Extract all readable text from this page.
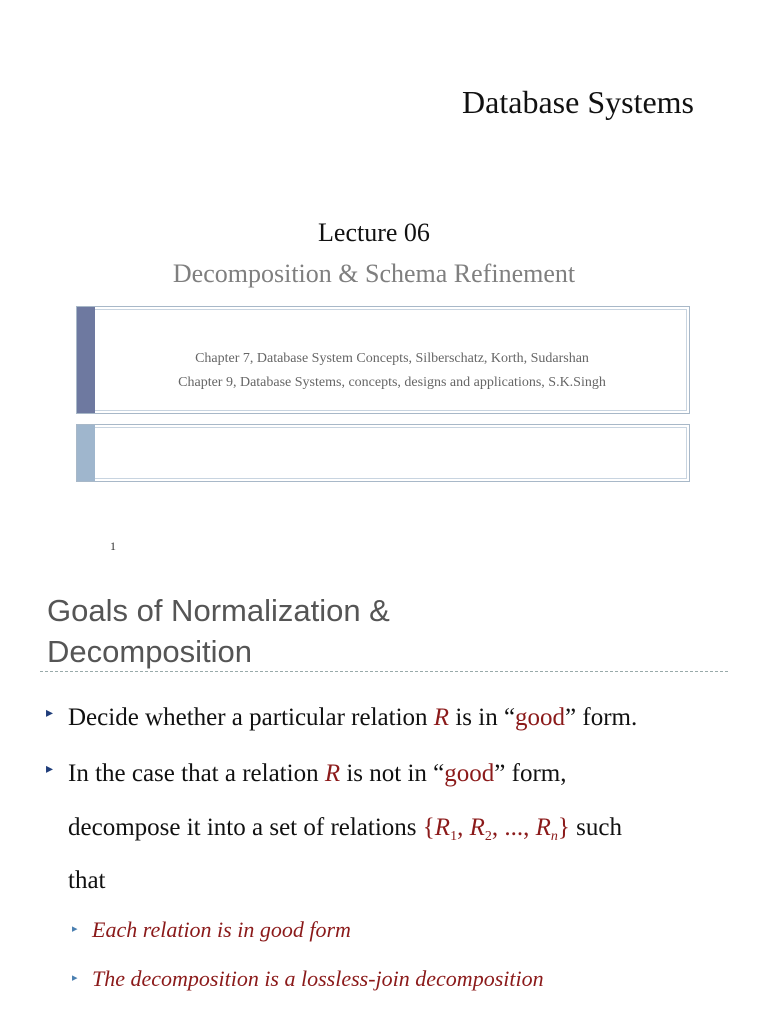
Database Systems
Lecture 06
Decomposition & Schema Refinement
Chapter 7, Database System Concepts, Silberschatz, Korth, Sudarshan
Chapter 9, Database Systems, concepts, designs and applications, S.K.Singh
1
Goals of Normalization &
Decomposition
▸ Decide whether a particular relation R is in “good” form.
▸ In the case that a relation R is not in “good” form,
decompose it into a set of relations {$R_1$, $R_2$, ..., $R_n$} such
that
▸ Each relation is in good form
▸ The decomposition is a lossless-join decomposition
